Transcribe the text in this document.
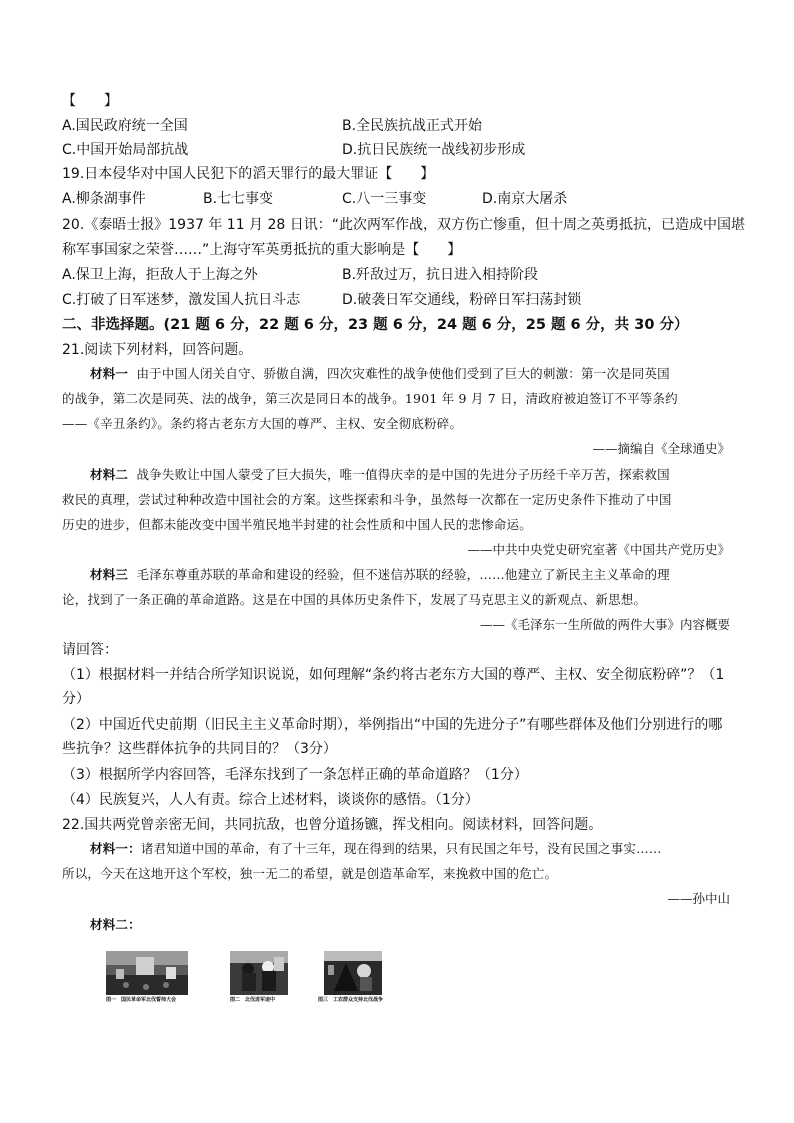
【　　】
A.国民政府统一全国	B.全民族抗战正式开始
C.中国开始局部抗战	D.抗日民族统一战线初步形成
19.日本侵华对中国人民犯下的滔天罪行的最大罪证【　　】
A.柳条湖事件	B.七七事变	C.八一三事变	D.南京大屠杀
20.《泰晤士报》1937 年 11 月 28 日讯：“此次两军作战，双方伤亡惨重，但十周之英勇抵抗，已造成中国堪
称军事国家之荣誉……”上海守军英勇抵抗的重大影响是【　　】
A.保卫上海，拒敌人于上海之外	B.歼敌过万，抗日进入相持阶段
C.打破了日军迷梦，激发国人抗日斗志	D.破袭日军交通线，粉碎日军扫荡封锁
二、非选择题。(21 题 6 分，22 题 6 分，23 题 6 分，24 题 6 分，25 题 6 分，共 30 分）
21.阅读下列材料，回答问题。
材料一 由于中国人闭关自守、骄傲自满，四次灾难性的战争使他们受到了巨大的刺激：第一次是同英国
的战争，第二次是同英、法的战争，第三次是同日本的战争。1901 年 9 月 7 日，清政府被迫签订不平等条约
——《辛丑条约》。条约将古老东方大国的尊严、主权、安全彻底粉碎。
——摘编自《全球通史》
材料二 战争失败让中国人蒙受了巨大损失，唯一值得庆幸的是中国的先进分子历经千辛万苦，探索救国
救民的真理，尝试过种种改造中国社会的方案。这些探索和斗争，虽然每一次都在一定历史条件下推动了中国
历史的进步，但都未能改变中国半殖民地半封建的社会性质和中国人民的悲惨命运。
——中共中央党史研究室著《中国共产党历史》
材料三 毛泽东尊重苏联的革命和建设的经验，但不迷信苏联的经验，……他建立了新民主主义革命的理
论，找到了一条正确的革命道路。这是在中国的具体历史条件下，发展了马克思主义的新观点、新思想。
——《毛泽东一生所做的两件大事》内容概要
请回答：
（1）根据材料一并结合所学知识说说，如何理解“条约将古老东方大国的尊严、主权、安全彻底粉碎”？（1
分）
（2）中国近代史前期（旧民主主义革命时期），举例指出“中国的先进分子”有哪些群体及他们分别进行的哪
些抗争？这些群体抗争的共同目的？（3分）
（3）根据所学内容回答，毛泽东找到了一条怎样正确的革命道路？（1分）
（4）民族复兴，人人有责。综合上述材料，谈谈你的感悟。（1分）
22.国共两党曾亲密无间，共同抗敌，也曾分道扬镳，挥戈相向。阅读材料，回答问题。
材料一：诸君知道中国的革命，有了十三年，现在得到的结果，只有民国之年号，没有民国之事实……
所以，今天在这地开这个军校，独一无二的希望，就是创造革命军，来挽救中国的危亡。
——孙中山
材料二：
图一　国民革命军北伐誓师大会	图二　北伐进军途中	图三　工农群众支持北伐战争
